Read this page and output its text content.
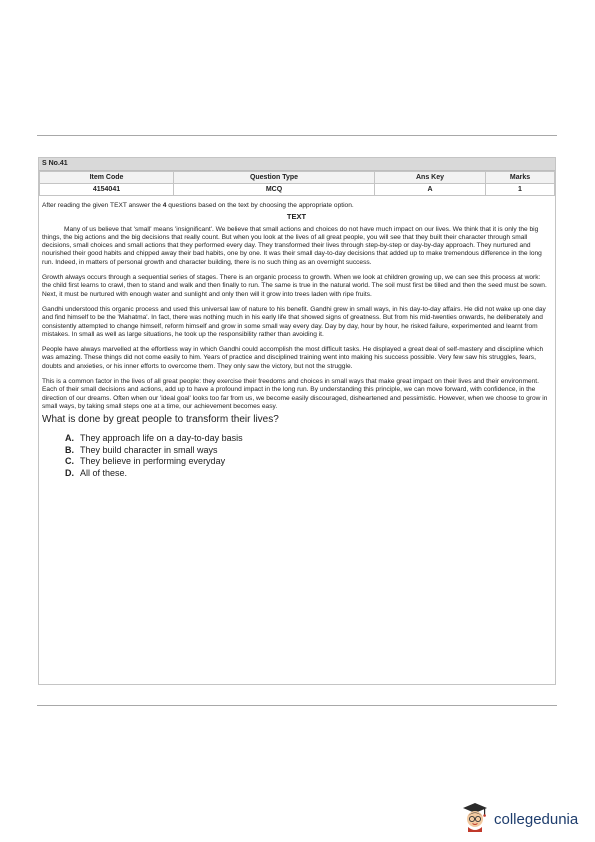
S No.41
Item Code	Question Type	Ans Key	Marks
4154041	MCQ	A	1

After reading the given TEXT answer the 4 questions based on the text by choosing the appropriate option.

TEXT

Many of us believe that 'small' means 'insignificant'. We believe that small actions and choices do not have much impact on our lives. We think that it is only the big things, the big actions and the big decisions that really count. But when you look at the lives of all great people, you will see that they built their character through small decisions, small choices and small actions that they performed every day. They transformed their lives through step-by-step or day-by-day approach. They nurtured and nourished their good habits and chipped away their bad habits, one by one. It was their small day-to-day decisions that added up to make tremendous difference in the long run. Indeed, in matters of personal growth and character building, there is no such thing as an overnight success.

Growth always occurs through a sequential series of stages. There is an organic process to growth. When we look at children growing up, we can see this process at work: the child first learns to crawl, then to stand and walk and then finally to run. The same is true in the natural world. The soil must first be tilled and then the seed must be sown. Next, it must be nurtured with enough water and sunlight and only then will it grow into trees laden with ripe fruits.

Gandhi understood this organic process and used this universal law of nature to his benefit. Gandhi grew in small ways, in his day-to-day affairs. He did not wake up one day and find himself to be the 'Mahatma'. In fact, there was nothing much in his early life that showed signs of greatness. But from his mid-twenties onwards, he deliberately and consistently attempted to change himself, reform himself and grow in some small way every day. Day by day, hour by hour, he risked failure, experimented and learnt from mistakes. In small as well as large situations, he took up the responsibility rather than avoiding it.

People have always marvelled at the effortless way in which Gandhi could accomplish the most difficult tasks. He displayed a great deal of self-mastery and discipline which was amazing. These things did not come easily to him. Years of practice and disciplined training went into making his success possible. Very few saw his struggles, fears, doubts and anxieties, or his inner efforts to overcome them. They only saw the victory, but not the struggle.

This is a common factor in the lives of all great people: they exercise their freedoms and choices in small ways that make great impact on their lives and their environment. Each of their small decisions and actions, add up to have a profound impact in the long run. By understanding this principle, we can move forward, with confidence, in the direction of our dreams. Often when our 'ideal goal' looks too far from us, we become easily discouraged, disheartened and pessimistic. However, when we choose to grow in small ways, by taking small steps one at a time, our achievement becomes easy.

What is done by great people to transform their lives?
A. They approach life on a day-to-day basis
B. They build character in small ways
C. They believe in performing everyday
D. All of these.
collegedunia
